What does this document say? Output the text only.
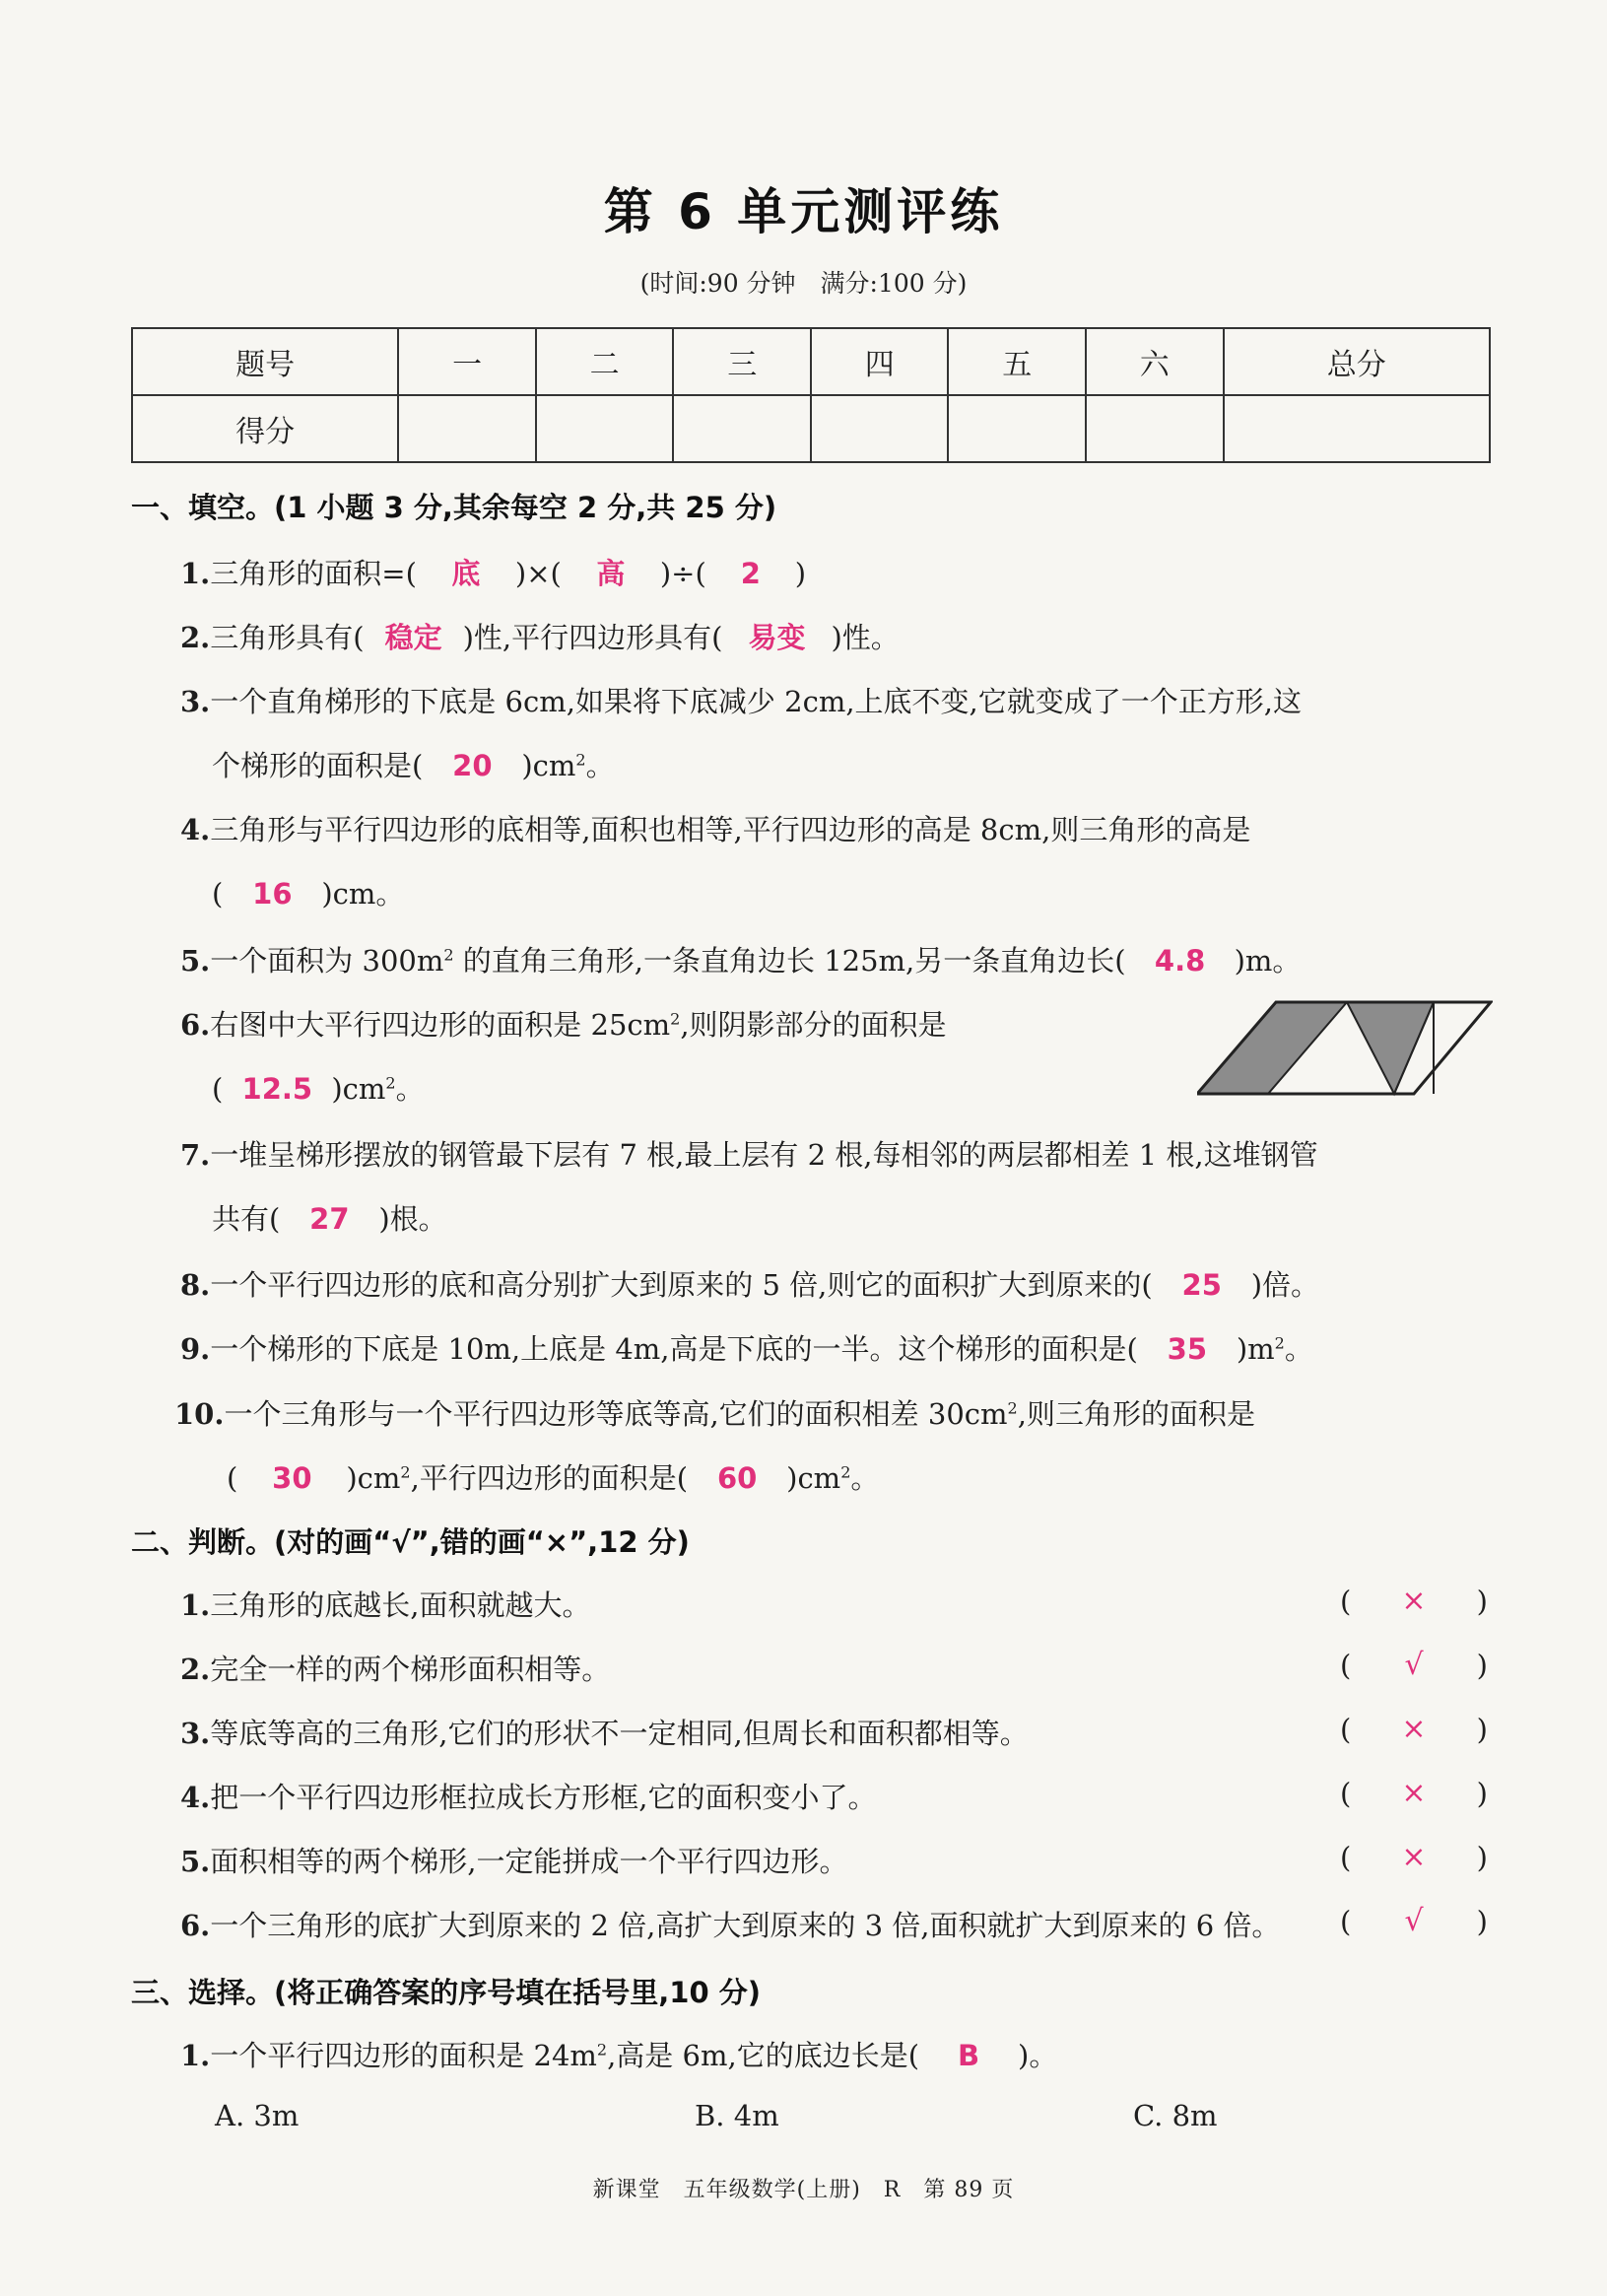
第 6 单元测评练
(时间:90 分钟　满分:100 分)
题号	一	二	三	四	五	六	总分
得分							
一、填空。(1 小题 3 分,其余每空 2 分,共 25 分)
1.三角形的面积=( 底 )×( 高 )÷( 2 )
2.三角形具有( 稳定 )性,平行四边形具有( 易变 )性。
3.一个直角梯形的下底是 6cm,如果将下底减少 2cm,上底不变,它就变成了一个正方形,这
个梯形的面积是( 20 )$cm^2$。
4.三角形与平行四边形的底相等,面积也相等,平行四边形的高是 8cm,则三角形的高是
( 16 )cm。
5.一个面积为 $300m^2$ 的直角三角形,一条直角边长 125m,另一条直角边长( 4.8 )m。
6.右图中大平行四边形的面积是 $25cm^2$,则阴影部分的面积是
( 12.5 )$cm^2$。
7.一堆呈梯形摆放的钢管最下层有 7 根,最上层有 2 根,每相邻的两层都相差 1 根,这堆钢管
共有( 27 )根。
8.一个平行四边形的底和高分别扩大到原来的 5 倍,则它的面积扩大到原来的( 25 )倍。
9.一个梯形的下底是 10m,上底是 4m,高是下底的一半。这个梯形的面积是( 35 )$m^2$。
10.一个三角形与一个平行四边形等底等高,它们的面积相差 $30cm^2$,则三角形的面积是
( 30 )$cm^2$,平行四边形的面积是( 60 )$cm^2$。
二、判断。(对的画“√”,错的画“×”,12 分)
1.三角形的底越长,面积就越大。	( × )
2.完全一样的两个梯形面积相等。	( √ )
3.等底等高的三角形,它们的形状不一定相同,但周长和面积都相等。	( × )
4.把一个平行四边形框拉成长方形框,它的面积变小了。	( × )
5.面积相等的两个梯形,一定能拼成一个平行四边形。	( × )
6.一个三角形的底扩大到原来的 2 倍,高扩大到原来的 3 倍,面积就扩大到原来的 6 倍。 ( √ )
三、选择。(将正确答案的序号填在括号里,10 分)
1.一个平行四边形的面积是 $24m^2$,高是 6m,它的底边长是( B )。
A. 3m	B. 4m	C. 8m
新课堂　五年级数学(上册)　R　第 89 页
